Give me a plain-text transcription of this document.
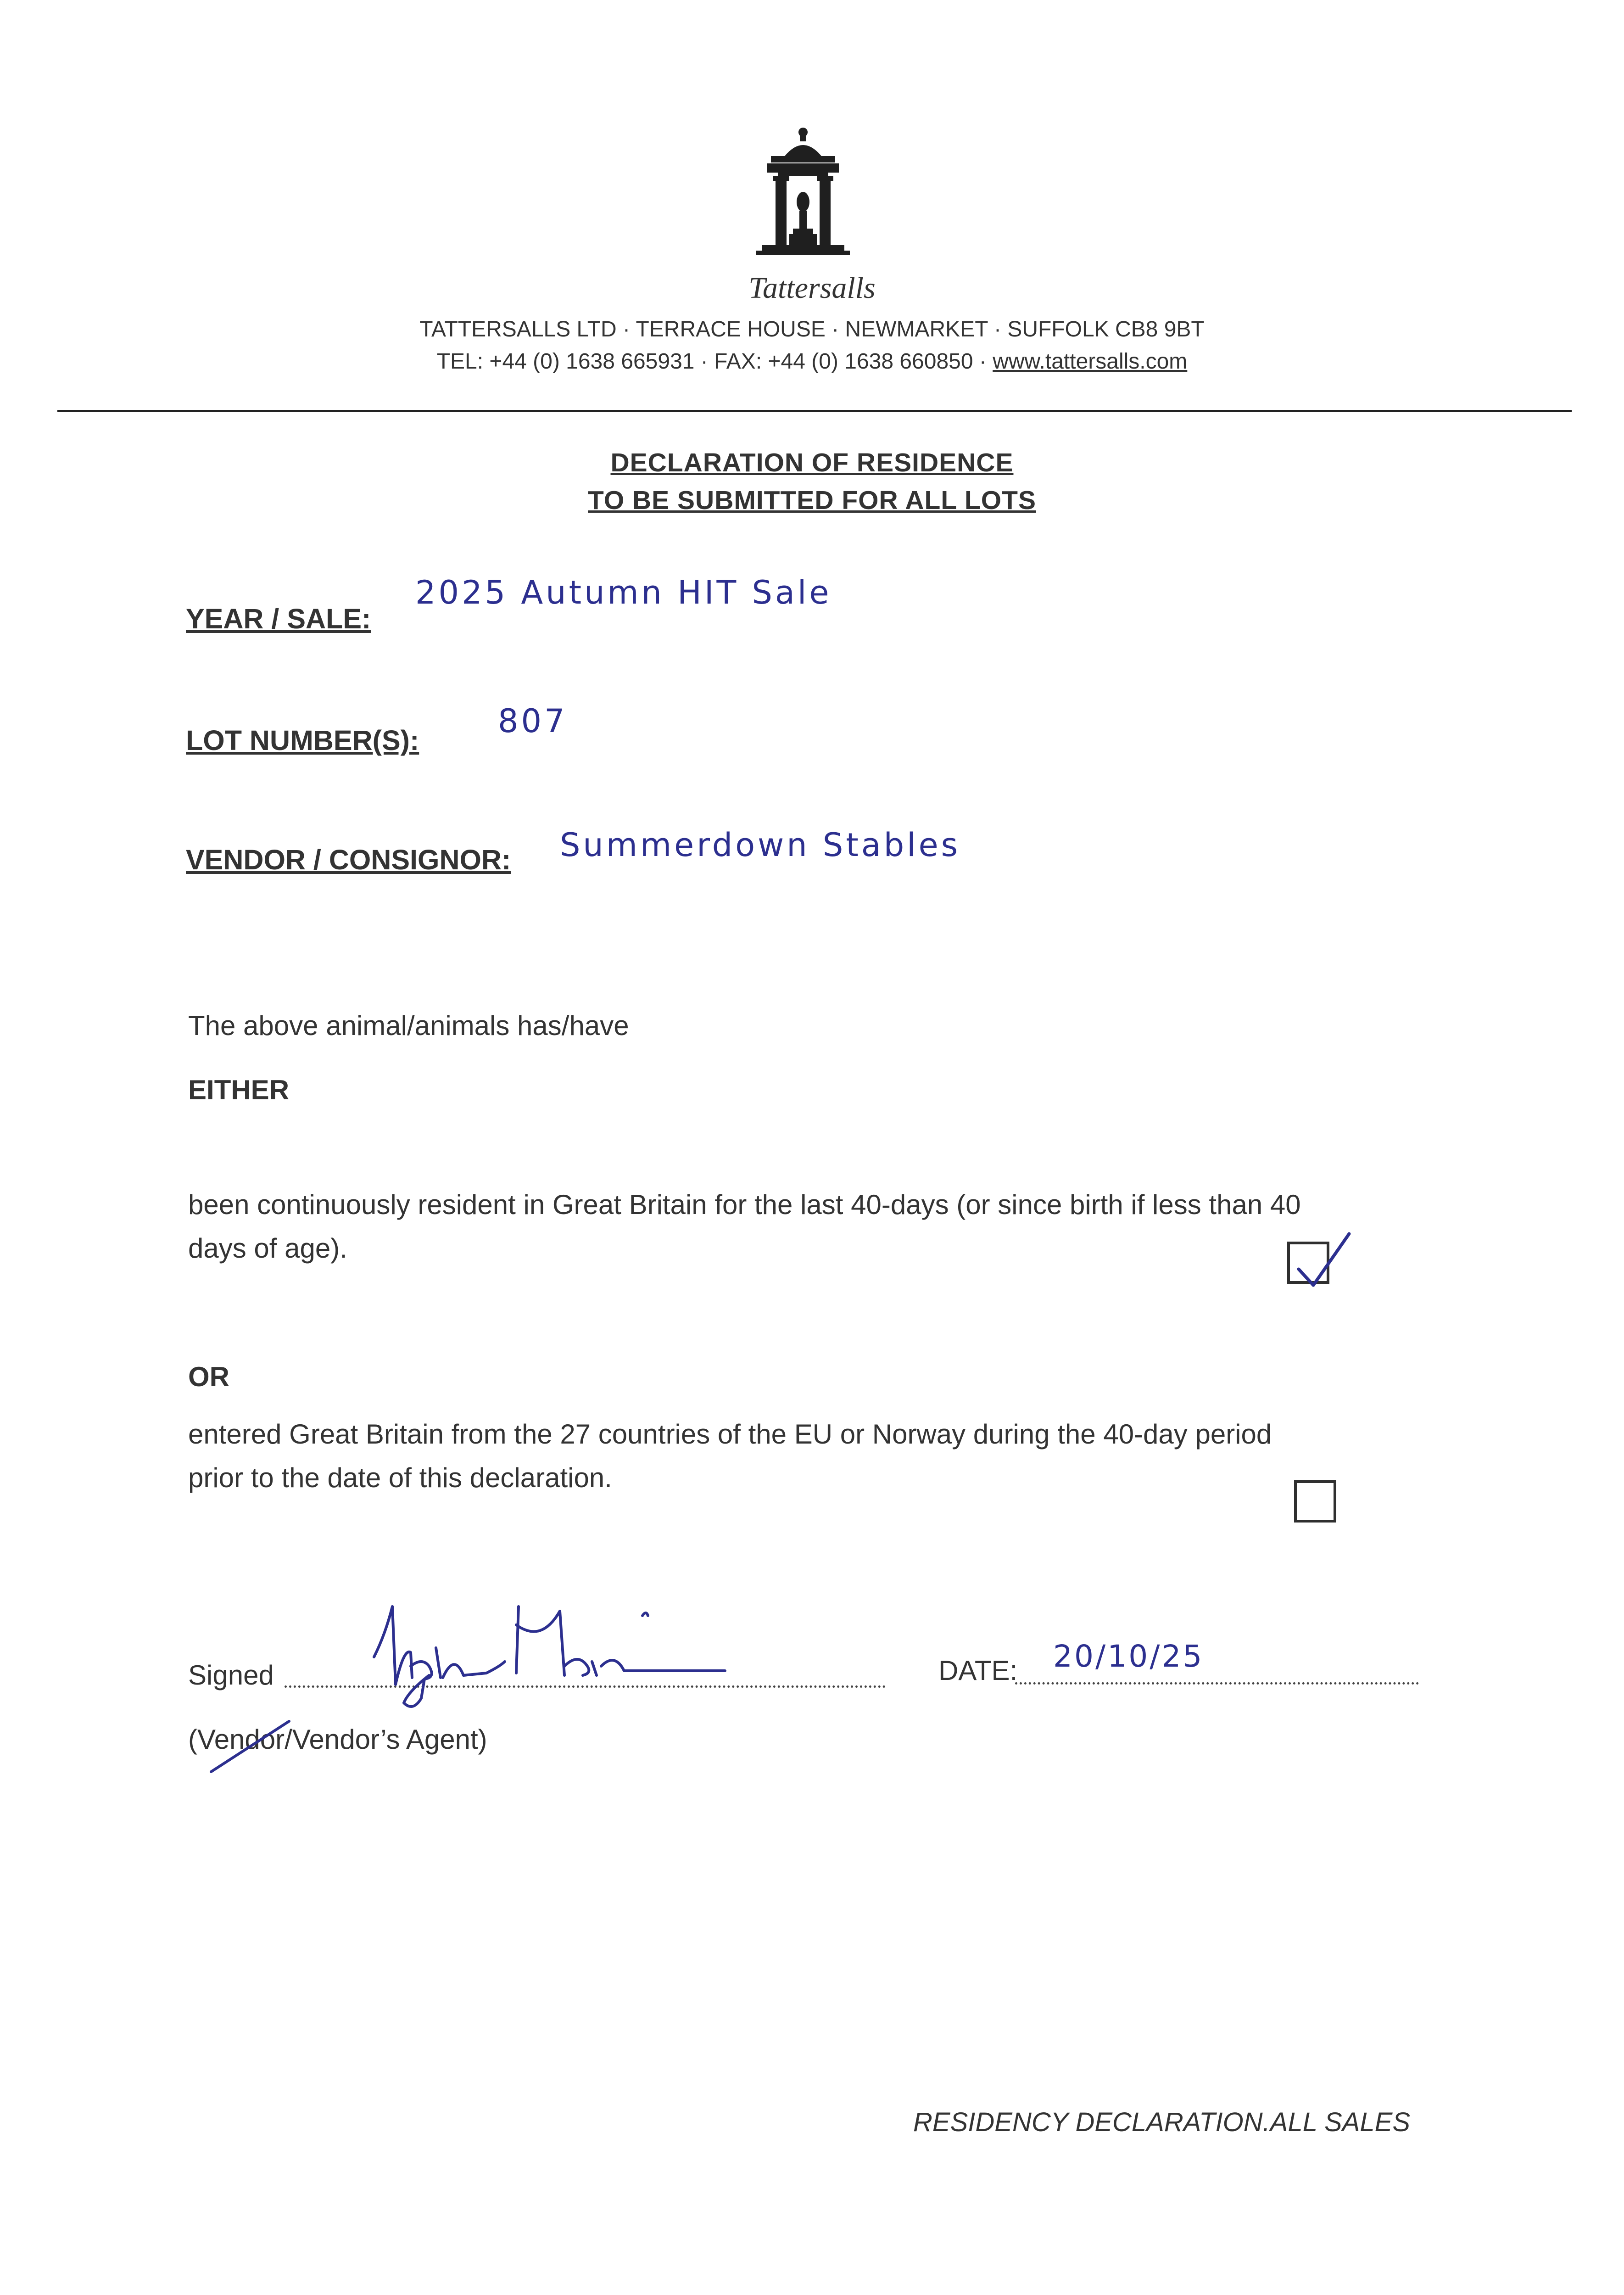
Tattersalls
TATTERSALLS LTD · TERRACE HOUSE · NEWMARKET · SUFFOLK CB8 9BT
TEL: +44 (0) 1638 665931 · FAX: +44 (0) 1638 660850 · www.tattersalls.com
DECLARATION OF RESIDENCE
TO BE SUBMITTED FOR ALL LOTS
YEAR / SALE:
2025 Autumn HIT Sale
LOT NUMBER(S):
807
VENDOR / CONSIGNOR: Summerdown Stables
The above animal/animals has/have
EITHER
been continuously resident in Great Britain for the last 40-days (or since birth if less than 40
days of age).
OR
entered Great Britain from the 27 countries of the EU or Norway during the 40-day period
prior to the date of this declaration.
Signed	DATE: 20/10/25
(Vendor/Vendor’s Agent)
RESIDENCY DECLARATION.ALL SALES
